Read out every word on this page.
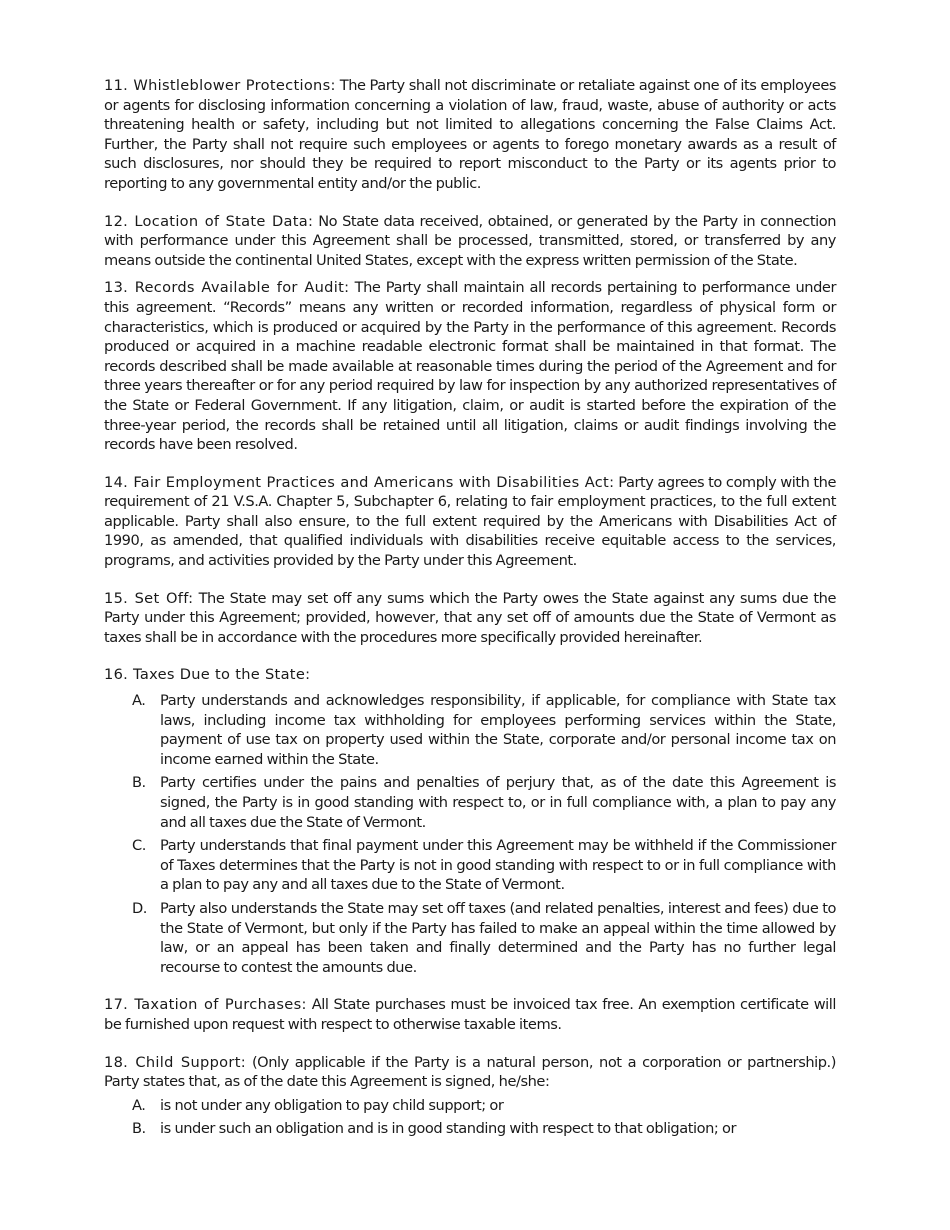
11. Whistleblower Protections: The Party shall not discriminate or retaliate against one of its employees or agents for disclosing information concerning a violation of law, fraud, waste, abuse of authority or acts threatening health or safety, including but not limited to allegations concerning the False Claims Act. Further, the Party shall not require such employees or agents to forego monetary awards as a result of such disclosures, nor should they be required to report misconduct to the Party or its agents prior to reporting to any governmental entity and/or the public.
12. Location of State Data: No State data received, obtained, or generated by the Party in connection with performance under this Agreement shall be processed, transmitted, stored, or transferred by any means outside the continental United States, except with the express written permission of the State.
13. Records Available for Audit: The Party shall maintain all records pertaining to performance under this agreement. “Records” means any written or recorded information, regardless of physical form or characteristics, which is produced or acquired by the Party in the performance of this agreement. Records produced or acquired in a machine readable electronic format shall be maintained in that format. The records described shall be made available at reasonable times during the period of the Agreement and for three years thereafter or for any period required by law for inspection by any authorized representatives of the State or Federal Government. If any litigation, claim, or audit is started before the expiration of the three-year period, the records shall be retained until all litigation, claims or audit findings involving the records have been resolved.
14. Fair Employment Practices and Americans with Disabilities Act: Party agrees to comply with the requirement of 21 V.S.A. Chapter 5, Subchapter 6, relating to fair employment practices, to the full extent applicable. Party shall also ensure, to the full extent required by the Americans with Disabilities Act of 1990, as amended, that qualified individuals with disabilities receive equitable access to the services, programs, and activities provided by the Party under this Agreement.
15. Set Off: The State may set off any sums which the Party owes the State against any sums due the Party under this Agreement; provided, however, that any set off of amounts due the State of Vermont as taxes shall be in accordance with the procedures more specifically provided hereinafter.
16. Taxes Due to the State:
A. Party understands and acknowledges responsibility, if applicable, for compliance with State tax laws, including income tax withholding for employees performing services within the State, payment of use tax on property used within the State, corporate and/or personal income tax on income earned within the State.
B. Party certifies under the pains and penalties of perjury that, as of the date this Agreement is signed, the Party is in good standing with respect to, or in full compliance with, a plan to pay any and all taxes due the State of Vermont.
C. Party understands that final payment under this Agreement may be withheld if the Commissioner of Taxes determines that the Party is not in good standing with respect to or in full compliance with a plan to pay any and all taxes due to the State of Vermont.
D. Party also understands the State may set off taxes (and related penalties, interest and fees) due to the State of Vermont, but only if the Party has failed to make an appeal within the time allowed by law, or an appeal has been taken and finally determined and the Party has no further legal recourse to contest the amounts due.
17. Taxation of Purchases: All State purchases must be invoiced tax free. An exemption certificate will be furnished upon request with respect to otherwise taxable items.
18. Child Support: (Only applicable if the Party is a natural person, not a corporation or partnership.) Party states that, as of the date this Agreement is signed, he/she:
A. is not under any obligation to pay child support; or
B. is under such an obligation and is in good standing with respect to that obligation; or
